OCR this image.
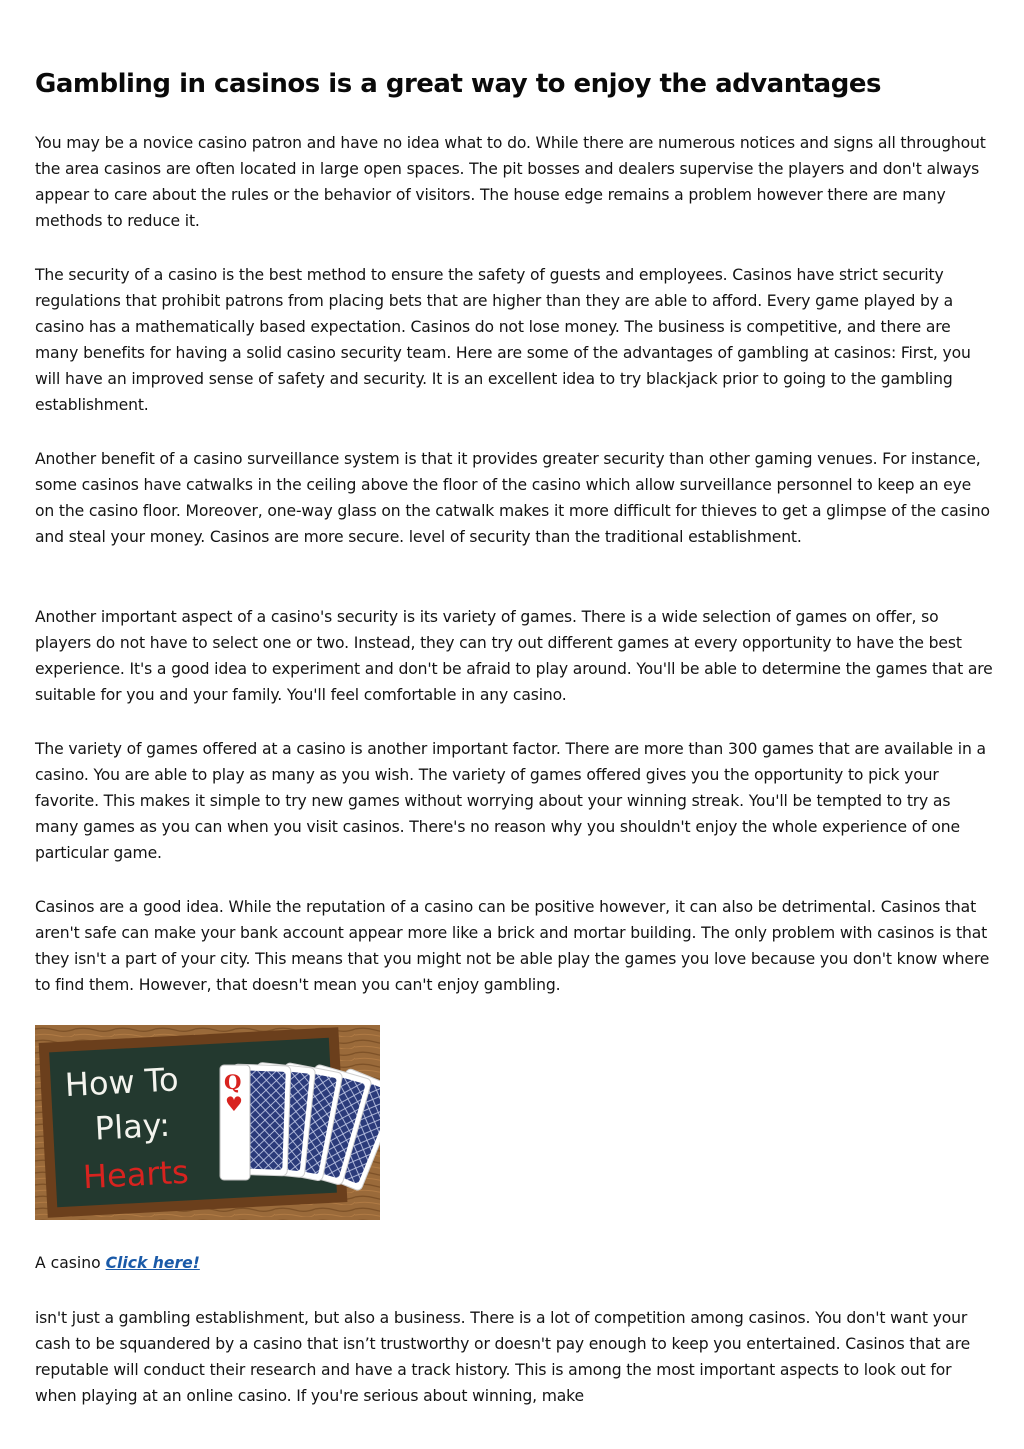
Gambling in casinos is a great way to enjoy the advantages

You may be a novice casino patron and have no idea what to do. While there are numerous notices and signs all throughout the area casinos are often located in large open spaces. The pit bosses and dealers supervise the players and don't always appear to care about the rules or the behavior of visitors. The house edge remains a problem however there are many methods to reduce it.

The security of a casino is the best method to ensure the safety of guests and employees. Casinos have strict security regulations that prohibit patrons from placing bets that are higher than they are able to afford. Every game played by a casino has a mathematically based expectation. Casinos do not lose money. The business is competitive, and there are many benefits for having a solid casino security team. Here are some of the advantages of gambling at casinos: First, you will have an improved sense of safety and security. It is an excellent idea to try blackjack prior to going to the gambling establishment.

Another benefit of a casino surveillance system is that it provides greater security than other gaming venues. For instance, some casinos have catwalks in the ceiling above the floor of the casino which allow surveillance personnel to keep an eye on the casino floor. Moreover, one-way glass on the catwalk makes it more difficult for thieves to get a glimpse of the casino and steal your money. Casinos are more secure. level of security than the traditional establishment.

Another important aspect of a casino's security is its variety of games. There is a wide selection of games on offer, so players do not have to select one or two. Instead, they can try out different games at every opportunity to have the best experience. It's a good idea to experiment and don't be afraid to play around. You'll be able to determine the games that are suitable for you and your family. You'll feel comfortable in any casino.

The variety of games offered at a casino is another important factor. There are more than 300 games that are available in a casino. You are able to play as many as you wish. The variety of games offered gives you the opportunity to pick your favorite. This makes it simple to try new games without worrying about your winning streak. You'll be tempted to try as many games as you can when you visit casinos. There's no reason why you shouldn't enjoy the whole experience of one particular game.

Casinos are a good idea. While the reputation of a casino can be positive however, it can also be detrimental. Casinos that aren't safe can make your bank account appear more like a brick and mortar building. The only problem with casinos is that they isn't a part of your city. This means that you might not be able play the games you love because you don't know where to find them. However, that doesn't mean you can't enjoy gambling.

How To
Play:
Hearts
Q
♥

A casino Click here!

isn't just a gambling establishment, but also a business. There is a lot of competition among casinos. You don't want your cash to be squandered by a casino that isn’t trustworthy or doesn't pay enough to keep you entertained. Casinos that are reputable will conduct their research and have a track history. This is among the most important aspects to look out for when playing at an online casino. If you're serious about winning, make
